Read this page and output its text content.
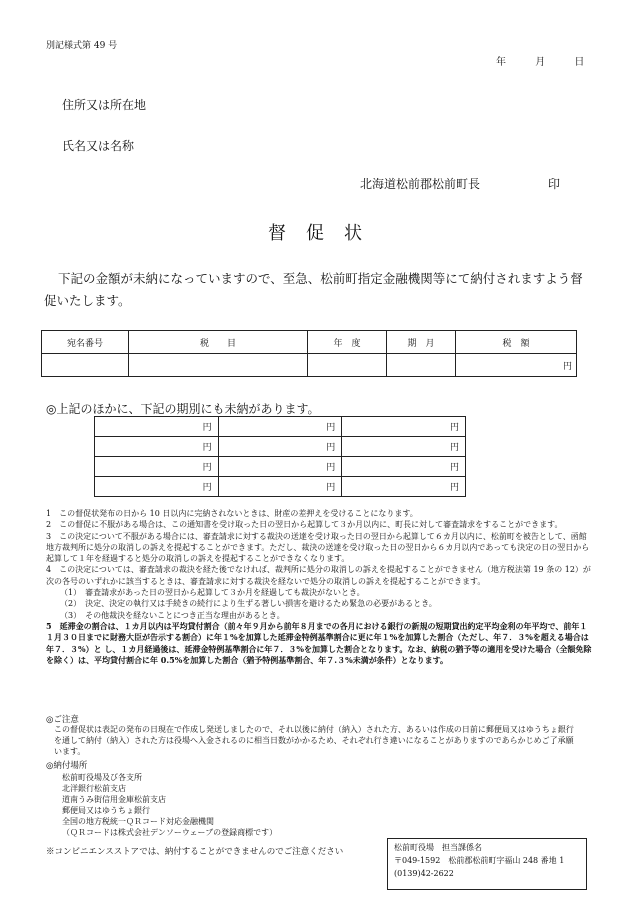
別記様式第 49 号
年	月	日
住所又は所在地
氏名又は名称
北海道松前郡松前町長	印
督促状
下記の金額が未納になっていますので、至急、松前町指定金融機関等にて納付されますよう督促いたします。
宛名番号	税　　目	年　度	期　月	税　額
				円
◎上記のほかに、下記の期別にも未納があります。
円	円	円
円	円	円
円	円	円
円	円	円

1　この督促状発布の日から 10 日以内に完納されないときは、財産の差押えを受けることになります。

2　この督促に不服がある場合は、この通知書を受け取った日の翌日から起算して３か月以内に、町長に対して審査請求をすることができます。

3　この決定について不服がある場合には、審査請求に対する裁決の送達を受け取った日の翌日から起算して６カ月以内に、松前町を被告として、函館地方裁判所に処分の取消しの訴えを提起することができます。ただし、裁決の送達を受け取った日の翌日から６カ月以内であっても決定の日の翌日から起算して１年を経過すると処分の取消しの訴えを提起することができなくなります。

4　この決定については、審査請求の裁決を経た後でなければ、裁判所に処分の取消しの訴えを提起することができません（地方税法第 19 条の 12）が次の各号のいずれかに該当するときは、審査請求に対する裁決を経ないで処分の取消しの訴えを提起することができます。

（1）　審査請求があった日の翌日から起算して３か月を経過しても裁決がないとき。

（2）　決定、決定の執行又は手続きの続行により生ずる著しい損害を避けるため緊急の必要があるとき。

（3）　その他裁決を経ないことにつき正当な理由があるとき。

5　延滞金の割合は、１カ月以内は平均貸付割合（前々年９月から前年８月までの各月における銀行の新規の短期貸出約定平均金利の年平均で、前年１１月３０日までに財務大臣が告示する割合）に年１%を加算した延滞金特例基準割合に更に年１%を加算した割合（ただし、年７．３%を超える場合は年７．３%）と し、１カ月経過後は、延滞金特例基準割合に年７．３%を加算した割合となります。なお、納税の猶予等の適用を受けた場合（全額免除を除く）は、平均貸付割合に年 0.5%を加算した割合（猶予特例基準割合、年７.３%未満が条件）となります。

◎ご注意
この督促状は表記の発布の日現在で作成し発送しましたので、それ以後に納付（納入）された方、あるいは作成の日前に郵便局又はゆうちょ銀行を通して納付（納入）された方は役場へ入金されるのに相当日数がかかるため、それぞれ行き違いになることがありますのであらかじめご了承願います。
◎納付場所

松前町役場及び各支所

北洋銀行松前支店

道南うみ街信用金庫松前支店

郵便局又はゆうちょ銀行

全国の地方税統一ＱＲコード対応金融機関

（ＱＲコードは株式会社デンソーウェーブの登録商標です）

※コンビニエンスストアでは、納付することができませんのでご注意ください	松前町役場　担当課係名

〒049-1592　松前郡松前町字福山 248 番地 1

(0139)42-2622
